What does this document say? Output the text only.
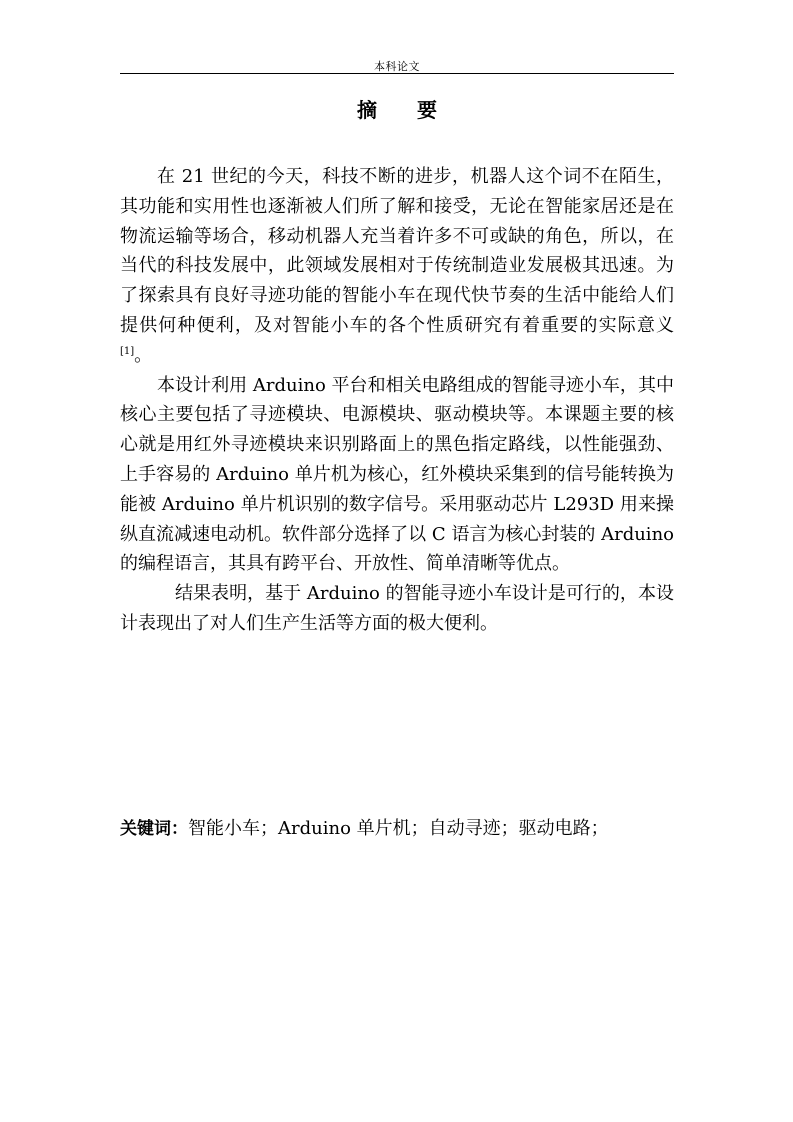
本科论文
摘 要

在 21 世纪的今天，科技不断的进步，机器人这个词不在陌生，其功能和实用性也逐渐被人们所了解和接受，无论在智能家居还是在物流运输等场合，移动机器人充当着许多不可或缺的角色，所以，在当代的科技发展中，此领域发展相对于传统制造业发展极其迅速。为了探索具有良好寻迹功能的智能小车在现代快节奏的生活中能给人们提供何种便利，及对智能小车的各个性质研究有着重要的实际意义[1]。

本设计利用 Arduino 平台和相关电路组成的智能寻迹小车，其中核心主要包括了寻迹模块、电源模块、驱动模块等。本课题主要的核心就是用红外寻迹模块来识别路面上的黑色指定路线，以性能强劲、上手容易的 Arduino 单片机为核心，红外模块采集到的信号能转换为能被 Arduino 单片机识别的数字信号。采用驱动芯片 L293D 用来操纵直流减速电动机。软件部分选择了以 C 语言为核心封装的 Arduino 的编程语言，其具有跨平台、开放性、简单清晰等优点。

结果表明，基于 Arduino 的智能寻迹小车设计是可行的，本设计表现出了对人们生产生活等方面的极大便利。

关键词：智能小车；Arduino 单片机；自动寻迹；驱动电路；
